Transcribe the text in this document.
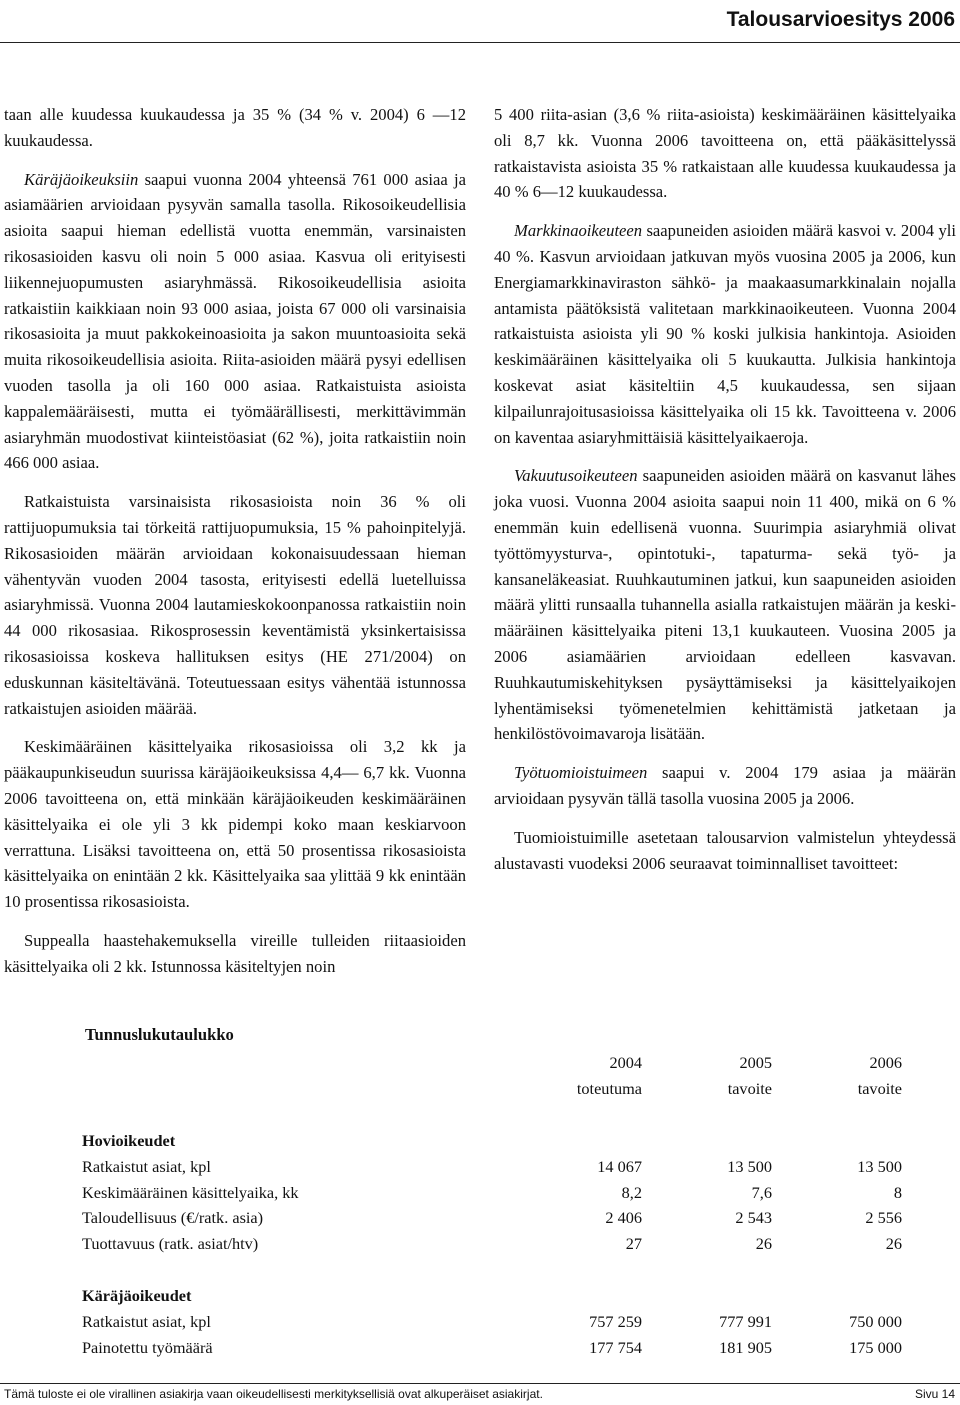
Talousarvioesitys 2006

taan alle kuudessa kuukaudessa ja 35 % (34 % v. 2004) 6 —12 kuukaudessa.

Käräjäoikeuksiin saapui vuonna 2004 yhteensä 761 000 asiaa ja asiamäärien arvioidaan pysyvän samalla tasolla. Rikosoikeudellisia asioita saapui hieman edellistä vuotta enemmän, varsinaisten rikosasioiden kasvu oli noin 5 000 asiaa. Kasvua oli erityisesti liikennejuopumusten asiaryhmässä. Rikosoikeudellisia asioita ratkaistiin kaikkiaan noin 93 000 asiaa, joista 67 000 oli varsinaisia rikosasioita ja muut pakkokeinoasioita ja sakon muuntoasioita sekä muita rikosoikeudellisia asioita. Riita-asioiden määrä pysyi edellisen vuoden tasolla ja oli 160 000 asiaa. Ratkaistuista asioista kappalemääräisesti, mutta ei työmäärällisesti, merkittävimmän asiaryhmän muodostivat kiinteistöasiat (62 %), joita ratkaistiin noin 466 000 asiaa.

Ratkaistuista varsinaisista rikosasioista noin 36 % oli rattijuopumuksia tai törkeitä rattijuopumuksia, 15 % pahoinpitelyjä. Rikosasioiden määrän arvioidaan kokonaisuudessaan hieman vähentyvän vuoden 2004 tasosta, erityisesti edellä luetelluissa asiaryhmissä. Vuonna 2004 lautamieskokoonpanossa ratkaistiin noin 44 000 rikosasiaa. Rikosprosessin keventämistä yksinkertaisissa rikosasioissa koskeva hallituksen esitys (HE 271/2004) on eduskunnan käsiteltävänä. Toteutuessaan esitys vähentää istunnossa ratkaistujen asioiden määrää.

Keskimääräinen käsittelyaika rikosasioissa oli 3,2 kk ja pääkaupunkiseudun suurissa käräjäoikeuksissa 4,4— 6,7 kk. Vuonna 2006 tavoitteena on, että minkään käräjäoikeuden keskimääräinen käsittelyaika ei ole yli 3 kk pidempi koko maan keskiarvoon verrattuna. Lisäksi tavoitteena on, että 50 prosentissa rikosasioista käsittelyaika on enintään 2 kk. Käsittelyaika saa ylittää 9 kk enintään 10 prosentissa rikosasioista.

Suppealla haastehakemuksella vireille tulleiden riitaasioiden käsittelyaika oli 2 kk. Istunnossa käsiteltyjen noin

5 400 riita-asian (3,6 % riita-asioista) keskimääräinen käsittelyaika oli 8,7 kk. Vuonna 2006 tavoitteena on, että pääkäsittelyssä ratkaistavista asioista 35 % ratkaistaan alle kuudessa kuukaudessa ja 40 % 6—12 kuukaudessa.

Markkinaoikeuteen saapuneiden asioiden määrä kasvoi v. 2004 yli 40 %. Kasvun arvioidaan jatkuvan myös vuosina 2005 ja 2006, kun Energiamarkkinaviraston sähkö- ja maakaasumarkkinalain nojalla antamista päätöksistä valitetaan markkinaoikeuteen. Vuonna 2004 ratkaistuista asioista yli 90 % koski julkisia hankintoja. Asioiden keskimääräinen käsittelyaika oli 5 kuukautta. Julkisia hankintoja koskevat asiat käsiteltiin 4,5 kuukaudessa, sen sijaan kilpailunrajoitusasioissa käsittelyaika oli 15 kk. Tavoitteena v. 2006 on kaventaa asiaryhmittäisiä käsittelyaikaeroja.

Vakuutusoikeuteen saapuneiden asioiden määrä on kasvanut lähes joka vuosi. Vuonna 2004 asioita saapui noin 11 400, mikä on 6 % enemmän kuin edellisenä vuonna. Suurimpia asiaryhmiä olivat työttömyysturva-, opintotuki-, tapaturma- sekä työ- ja kansaneläkeasiat. Ruuhkautuminen jatkui, kun saapuneiden asioiden määrä ylitti runsaalla tuhannella asialla ratkaistujen määrän ja keskimääräinen käsittelyaika piteni 13,1 kuukauteen. Vuosina 2005 ja 2006 asiamäärien arvioidaan edelleen kasvavan. Ruuhkautumiskehityksen pysäyttämiseksi ja käsittelyaikojen lyhentämiseksi työmenetelmien kehittämistä jatketaan ja henkilöstövoimavaroja lisätään.

Työtuomioistuimeen saapui v. 2004 179 asiaa ja määrän arvioidaan pysyvän tällä tasolla vuosina 2005 ja 2006.

Tuomioistuimille asetetaan talousarvion valmistelun yhteydessä alustavasti vuodeksi 2006 seuraavat toiminnalliset tavoitteet:

Tunnuslukutaulukko
	2004	2005	2006
	toteutuma	tavoite	tavoite

Hovioikeudet			
Ratkaistut asiat, kpl	14 067	13 500	13 500
Keskimääräinen käsittelyaika, kk	8,2	7,6	8
Taloudellisuus (€/ratk. asia)	2 406	2 543	2 556
Tuottavuus (ratk. asiat/htv)	27	26	26

Käräjäoikeudet			
Ratkaistut asiat, kpl	757 259	777 991	750 000
Painotettu työmäärä	177 754	181 905	175 000
Tämä tuloste ei ole virallinen asiakirja vaan oikeudellisesti merkityksellisiä ovat alkuperäiset asiakirjat.	Sivu 14
